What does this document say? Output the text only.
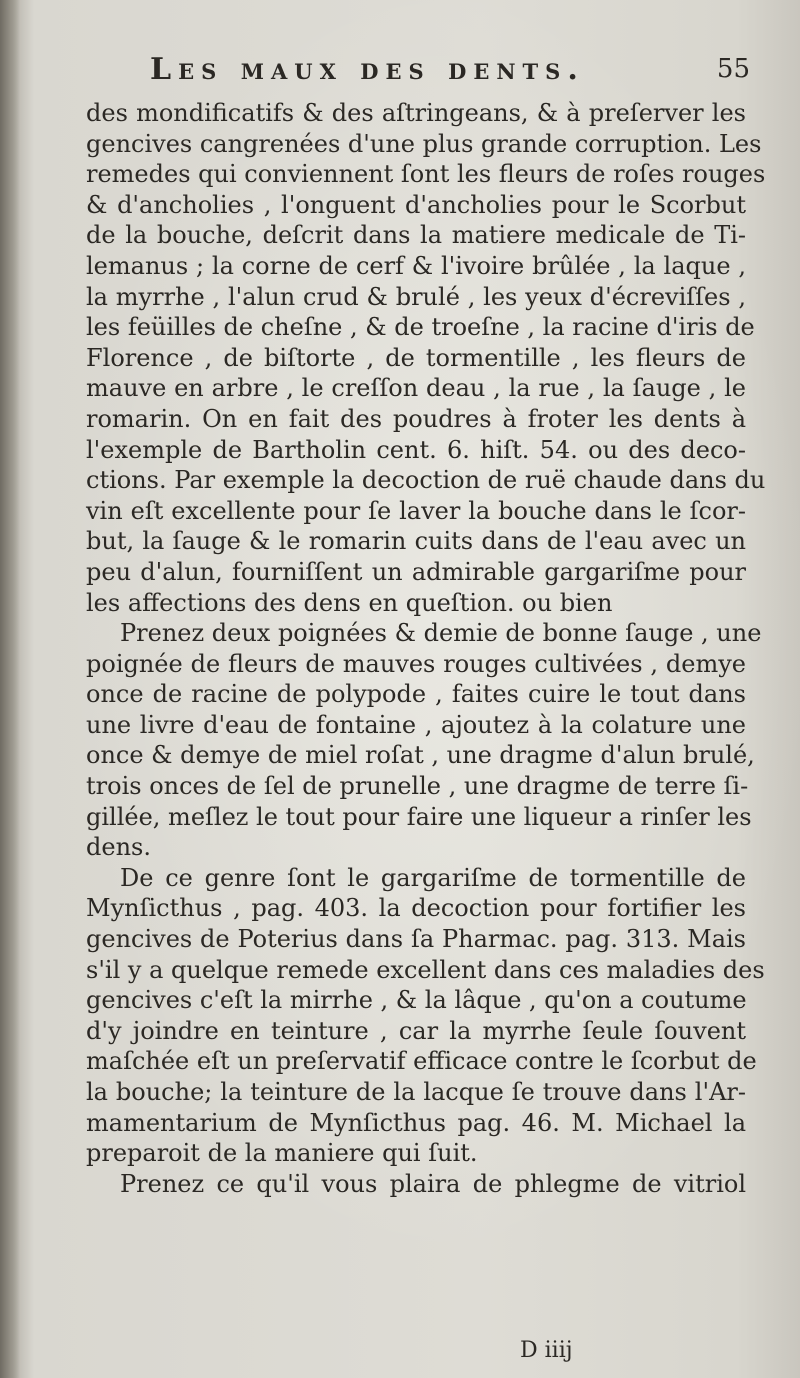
Les maux des dents.	55
des mondificatifs & des aſtringeans, & à preſerver les
gencives cangrenées d'une plus grande corruption. Les
remedes qui conviennent ſont les fleurs de roſes rouges
& d'ancholies , l'onguent d'ancholies pour le Scorbut
de la bouche, deſcrit dans la matiere medicale de Ti-
lemanus ; la corne de cerf & l'ivoire brûlée , la laque ,
la myrrhe , l'alun crud & brulé , les yeux d'écreviſſes ,
les feüilles de cheſne , & de troeſne , la racine d'iris de
Florence , de biſtorte , de tormentille , les fleurs de
mauve en arbre , le creſſon deau , la rue , la ſauge , le
romarin. On en fait des poudres à froter les dents à
l'exemple de Bartholin cent. 6. hiſt. 54. ou des deco-
ctions. Par exemple la decoction de ruë chaude dans du
vin eſt excellente pour ſe laver la bouche dans le ſcor-
but, la ſauge & le romarin cuits dans de l'eau avec un
peu d'alun, fourniſſent un admirable gargariſme pour
les affections des dens en queſtion. ou bien
Prenez deux poignées & demie de bonne ſauge , une
poignée de fleurs de mauves rouges cultivées , demye
once de racine de polypode , faites cuire le tout dans
une livre d'eau de fontaine , ajoutez à la colature une
once & demye de miel roſat , une dragme d'alun brulé,
trois onces de ſel de prunelle , une dragme de terre ſi-
gillée, meſlez le tout pour faire une liqueur a rinſer les
dens.
De ce genre ſont le gargariſme de tormentille de
Mynſicthus , pag. 403. la decoction pour fortifier les
gencives de Poterius dans ſa Pharmac. pag. 313. Mais
s'il y a quelque remede excellent dans ces maladies des
gencives c'eſt la mirrhe , & la lâque , qu'on a coutume
d'y joindre en teinture , car la myrrhe ſeule ſouvent
maſchée eſt un preſervatif efficace contre le ſcorbut de
la bouche; la teinture de la lacque ſe trouve dans l'Ar-
mamentarium de Mynſicthus pag. 46. M. Michael la
preparoit de la maniere qui ſuit.
Prenez ce qu'il vous plaira de phlegme de vitriol
D iiij
